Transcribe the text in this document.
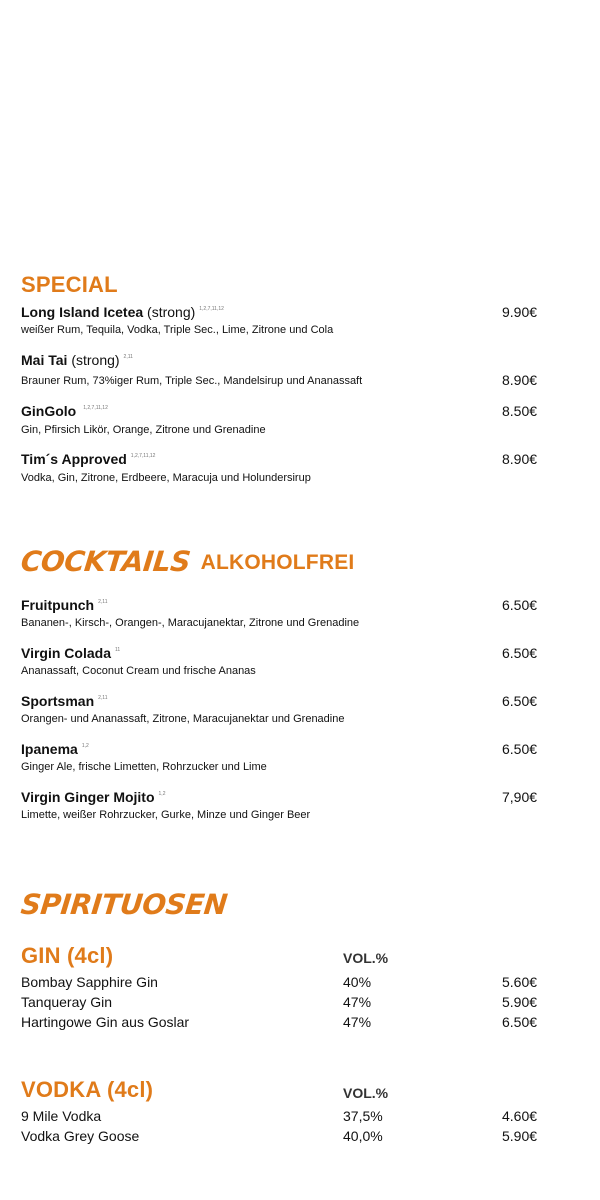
SPECIAL
Long Island Icetea (strong) $^{1,2,7,11,12}$
weißer Rum, Tequila, Vodka, Triple Sec., Lime, Zitrone und Cola
9.90€
Mai Tai (strong) $^{2,11}$
Brauner Rum, 73%iger Rum, Triple Sec., Mandelsirup und Ananassaft	8.90€
GinGolo $^{1,2,7,11,12}$
Gin, Pfirsich Likör, Orange, Zitrone und Grenadine
8.50€
Tim´s Approved $^{1,2,7,11,12}$
Vodka, Gin, Zitrone, Erdbeere, Maracuja und Holundersirup
8.90€
COCKTAILS ALKOHOLFREI
Fruitpunch $^{2,11}$
Bananen-, Kirsch-, Orangen-, Maracujanektar, Zitrone und Grenadine
6.50€
Virgin Colada $^{11}$
Ananassaft, Coconut Cream und frische Ananas
6.50€
Sportsman $^{2,11}$
Orangen- und Ananassaft, Zitrone, Maracujanektar und Grenadine
6.50€
Ipanema $^{1,2}$
Ginger Ale, frische Limetten, Rohrzucker und Lime
6.50€
Virgin Ginger Mojito $^{1,2}$
Limette, weißer Rohrzucker, Gurke, Minze und Ginger Beer
7,90€
SPIRITUOSEN
GIN (4cl)	VOL.%
Bombay Sapphire Gin	40%	5.60€
Tanqueray Gin	47%	5.90€
Hartingowe Gin aus Goslar	47%	6.50€
VODKA (4cl)	VOL.%
9 Mile Vodka	37,5%	4.60€
Vodka Grey Goose	40,0%	5.90€
